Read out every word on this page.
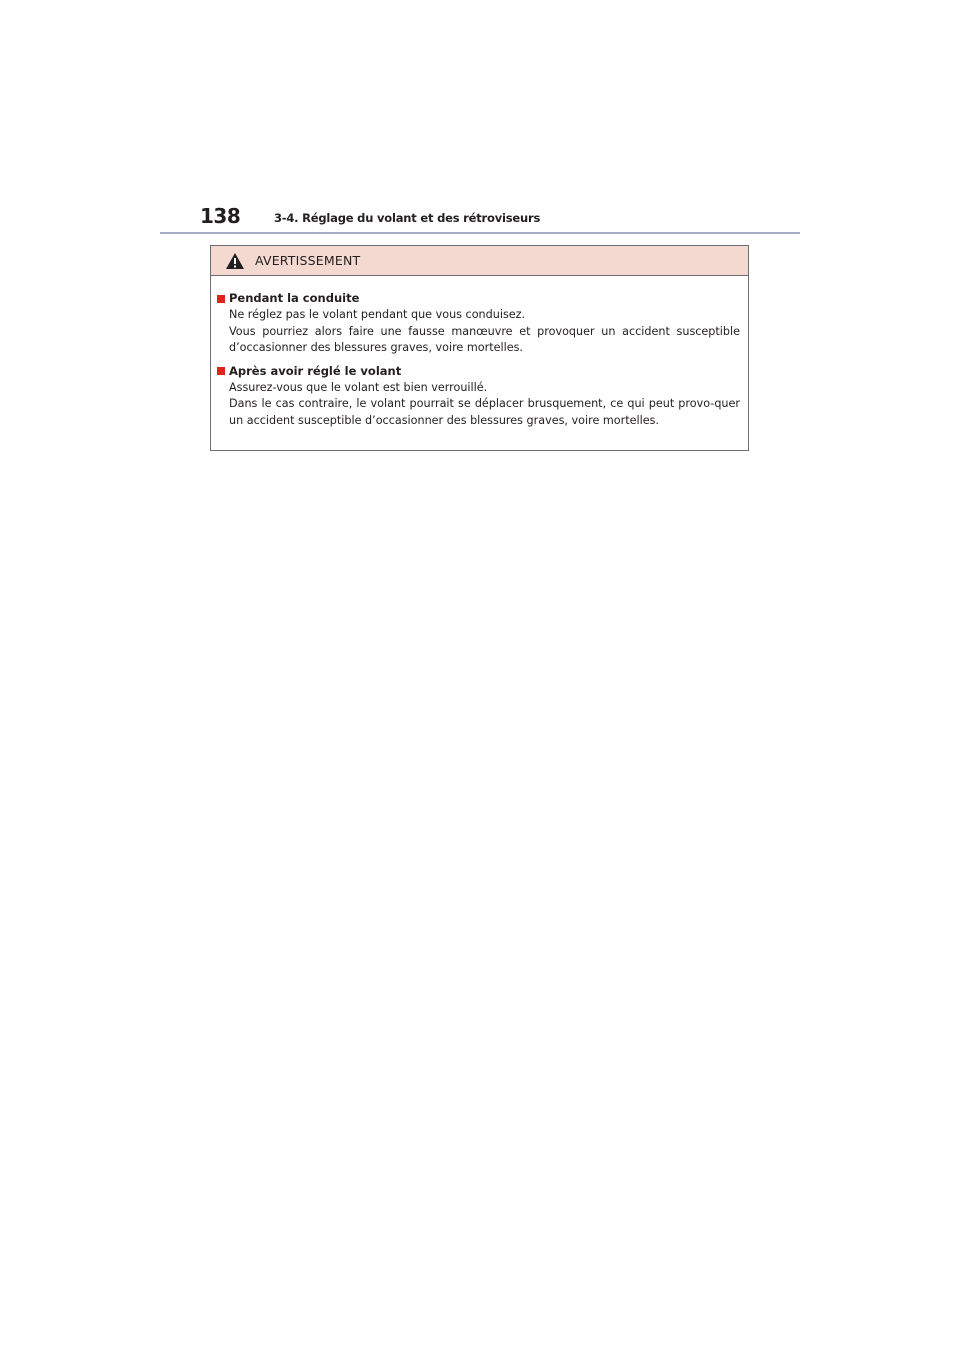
138	3-4. Réglage du volant et des rétroviseurs
AVERTISSEMENT
Pendant la conduite

Ne réglez pas le volant pendant que vous conduisez.

Vous pourriez alors faire une fausse manœuvre et provoquer un accident susceptible d’occasionner des blessures graves, voire mortelles.

Après avoir réglé le volant

Assurez-vous que le volant est bien verrouillé.

Dans le cas contraire, le volant pourrait se déplacer brusquement, ce qui peut provo-quer un accident susceptible d’occasionner des blessures graves, voire mortelles.
